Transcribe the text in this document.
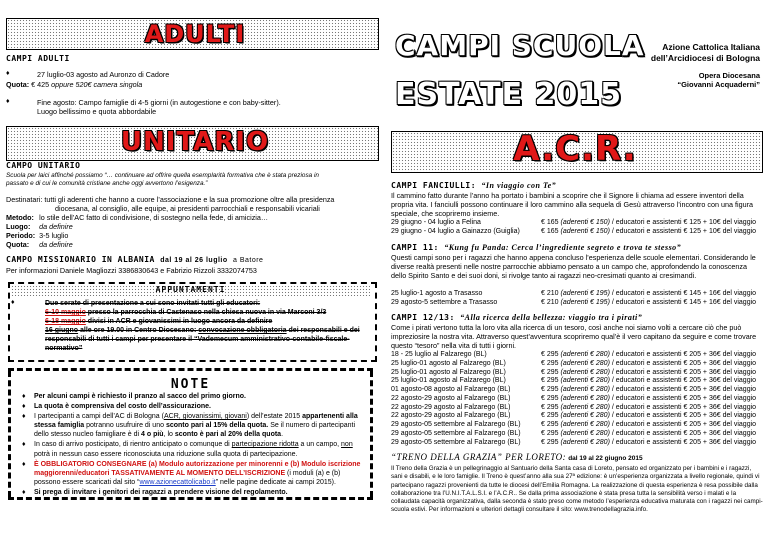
ADULTI
CAMPI ADULTI
♦	27 luglio-03 agosto ad Auronzo di Cadore
Quota: € 425 oppure 520€ camera singola
♦	Fine agosto: Campo famiglie di 4-5 giorni (in autogestione e con baby-sitter).
Luogo bellissimo e quota abbordabile
UNITARIO
CAMPO UNITARIO
Scuola per laici affinché possiamo “… continuare ad offrire quella esemplarità formativa che è stata preziosa in
passato e di cui le comunità cristiane anche oggi avvertono l’esigenza.”
Destinatari: tutti gli aderenti che hanno a cuore l’associazione e la sua promozione oltre alla presidenza
diocesana, al consiglio, alle equipe, ai presidenti parrocchiali e responsabili vicariali
Metodo:	lo stile dell’AC fatto di condivisione, di sostegno nella fede, di amicizia…
Luogo:	da definire
Periodo:	3-5 luglio
Quota:	da definire
CAMPO MISSIONARIO IN ALBANIA dal 19 al 26 luglio a Batore
Per informazioni Daniele Magliozzi 3386830643 e Fabrizio Rizzoli 3332074753
APPUNTAMENTI
♦	Due serate di presentazione a cui sono invitati tutti gli educatori:
6-10 maggio presso la parrocchia di Castenaso nella chiesa nuova in via Marconi 3/3
6-18 maggio divisi in ACR e giovanissimi in luogo ancora da definire
16 giugno alle ore 19.00 in Centro Diocesano: convocazione obbligatoria dei responsabili e dei responsabili di tutti i campi per presentare il “Vademecum amministrativo-contabile-fiscale-normativo”
NOTE
♦ Per alcuni campi è richiesto il pranzo al sacco del primo giorno.
♦ La quota è comprensiva del costo dell’assicurazione.
♦ I partecipanti a campi dell’AC di Bologna (ACR, giovanissimi, giovani) dell’estate 2015 appartenenti alla stessa famiglia potranno usufruire di uno sconto pari al 15% della quota. Se il numero di partecipanti dello stesso nucleo famigliare è di 4 o più, lo sconto è pari al 20% della quota.
♦ In caso di arrivo posticipato, di rientro anticipato o comunque di partecipazione ridotta a un campo, non potrà in nessun caso essere riconosciuta una riduzione sulla quota di partecipazione.
♦ È OBBLIGATORIO CONSEGNARE (a) Modulo autorizzazione per minorenni e (b) Modulo iscrizione maggiorenni/educatori TASSATIVAMENTE AL MOMENTO DELL’ISCRIZIONE (i moduli (a) e (b) possono essere scaricati dal sito “www.azionecattolicabo.it” nelle pagine dedicate ai campi 2015).
♦ Si prega di invitare i genitori dei ragazzi a prendere visione del regolamento.
CAMPI SCUOLA
ESTATE 2015
Azione Cattolica Italiana
dell’Arcidiocesi di Bologna
Opera Diocesana
“Giovanni Acquaderni”
A.C.R.
CAMPI FANCIULLI: “In viaggio con Te”
Il cammino fatto durante l’anno ha portato i bambini a scoprire che il Signore li chiama ad essere inventori della propria vita. I fanciulli possono continuare il loro cammino alla sequela di Gesù attraverso l’incontro con una figura speciale, che scopriremo insieme.
29 giugno - 04 luglio a Felina	€ 165 (aderenti € 150) / educatori e assistenti € 125 + 10€ del viaggio
29 giugno - 04 luglio a Gainazzo (Guiglia)	€ 165 (aderenti € 150) / educatori e assistenti € 125 + 10€ del viaggio
CAMPI 11: “Kung fu Panda: Cerca l’ingrediente segreto e trova te stesso”
Questi campi sono per i ragazzi che hanno appena concluso l’esperienza delle scuole elementari. Considerando le diverse realtà presenti nelle nostre parrocchie abbiamo pensato a un campo che, approfondendo la conoscenza dello Spirito Santo e dei suoi doni, si rivolge tanto ai ragazzi neo-cresimati quanto ai cresimandi.
25 luglio-1 agosto a Trasasso	€ 210 (aderenti € 195) / educatori e assistenti € 145 + 16€ del viaggio
29 agosto-5 settembre a Trasasso	€ 210 (aderenti € 195) / educatori e assistenti € 145 + 16€ del viaggio
CAMPI 12/13: “Alla ricerca della bellezza: viaggio tra i pirati”
Come i pirati vertono tutta la loro vita alla ricerca di un tesoro, così anche noi siamo volti a cercare ciò che può impreziosire la nostra vita. Attraverso quest’avventura scopriremo qual’è il vero capitano da seguire e come trovare questo “tesoro” nella vita di tutti i giorni.
18 - 25 luglio al Falzarego (BL)	€ 295 (aderenti € 280) / educatori e assistenti € 205 + 36€ del viaggio
25 luglio-01 agosto al Falzarego (BL)	€ 295 (aderenti € 280) / educatori e assistenti € 205 + 36€ del viaggio
25 luglio-01 agosto al Falzarego (BL)	€ 295 (aderenti € 280) / educatori e assistenti € 205 + 36€ del viaggio
25 luglio-01 agosto al Falzarego (BL)	€ 295 (aderenti € 280) / educatori e assistenti € 205 + 36€ del viaggio
01 agosto-08 agosto al Falzarego (BL)	€ 295 (aderenti € 280) / educatori e assistenti € 205 + 36€ del viaggio
22 agosto-29 agosto al Falzarego (BL)	€ 295 (aderenti € 280) / educatori e assistenti € 205 + 36€ del viaggio
22 agosto-29 agosto al Falzarego (BL)	€ 295 (aderenti € 280) / educatori e assistenti € 205 + 36€ del viaggio
22 agosto-29 agosto al Falzarego (BL)	€ 295 (aderenti € 280) / educatori e assistenti € 205 + 36€ del viaggio
29 agosto-05 settembre al Falzarego (BL)	€ 295 (aderenti € 280) / educatori e assistenti € 205 + 36€ del viaggio
29 agosto-05 settembre al Falzarego (BL)	€ 295 (aderenti € 280) / educatori e assistenti € 205 + 36€ del viaggio
29 agosto-05 settembre al Falzarego (BL)	€ 295 (aderenti € 280) / educatori e assistenti € 205 + 36€ del viaggio
“TRENO DELLA GRAZIA” PER LORETO: dal 19 al 22 giugno 2015
Il Treno della Grazia è un pellegrinaggio al Santuario della Santa casa di Loreto, pensato ed organizzato per i bambini e i ragazzi, sani e disabili, e le loro famiglie. Il Treno è quest’anno alla sua 27ª edizione: è un’esperienza organizzata a livello regionale, quindi vi partecipano ragazzi provenienti da tutte le diocesi dell’Emilia Romagna. La realizzazione di questa esperienza è resa possibile dalla collaborazione tra l’U.N.I.T.A.L.S.I. e l’A.C.R.. Se dalla prima associazione è stata presa tutta la sensibilità verso i malati e la collaudata capacità organizzativa, dalla seconda è stato preso come metodo l’esperienza educativa maturata con i ragazzi nei campi-scuola estivi. Per informazioni e ulteriori dettagli consultare il sito: www.trenodellagrazia.info.
